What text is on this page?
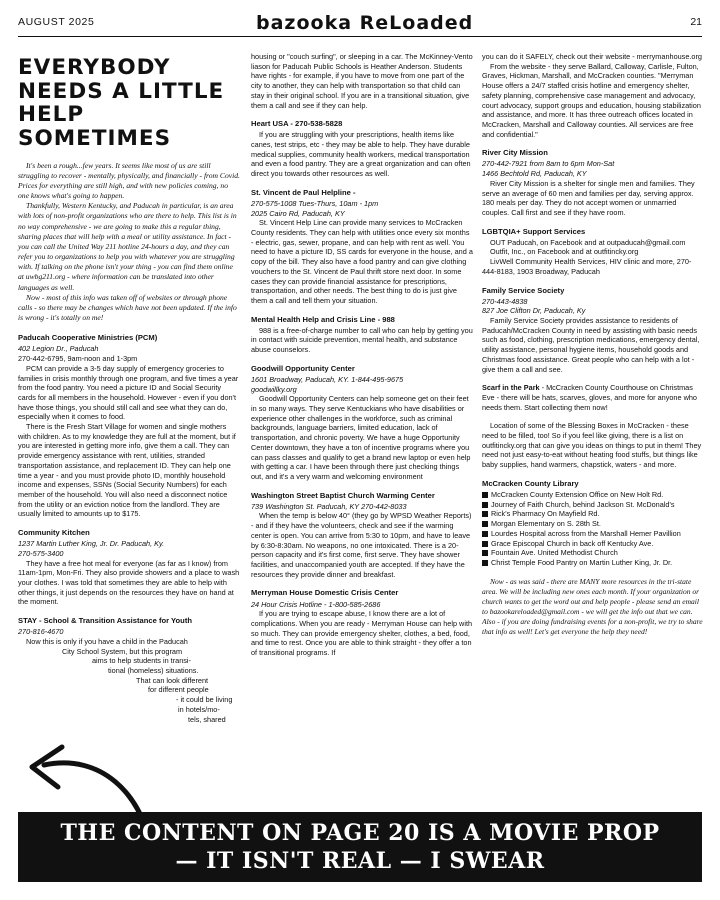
AUGUST 2025	bazooka ReLoaded	21
EVERYBODY
NEEDS A LITTLE
HELP SOMETIMES

It's been a rough...few years. It seems like most of us are still struggling to recover - mentally, physically, and financially - from Covid. Prices for everything are still high, and with new policies coming, no one knows what's going to happen.

Thankfully, Western Kentucky, and Paducah in particular, is an area with lots of non-profit organizations who are there to help. This list is in no way comprehensive - we are going to make this a regular thing, sharing places that will help with a meal or utility assistance. In fact - you can call the United Way 211 hotline 24-hours a day, and they can refer you to organizations to help you with whatever you are struggling with. If talking on the phone isn't your thing - you can find them online at uwbg211.org - where information can be translated into other languages as well.

Now - most of this info was taken off of websites or through phone calls - so there may be changes which have not been updated. If the info is wrong - it's totally on me!

Paducah Cooperative Ministries (PCM)
402 Legion Dr., Paducah
270-442-6795, 9am-noon and 1-3pm

PCM can provide a 3-5 day supply of emergency groceries to families in crisis monthly through one program, and five times a year from the food pantry. You need a picture ID and Social Security cards for all members in the household. However - even if you don't have those things, you should still call and see what they can do, especially when it comes to food.

There is the Fresh Start Village for women and single mothers with children. As to my knowledge they are full at the moment, but if you are interested in getting more info, give them a call. They can provide emergency assistance with rent, utilities, stranded transportation assistance, and replacement ID. They can help one time a year - and you must provide photo ID, monthly household income and expenses, SSNs (Social Security Numbers) for each member of the household. You will also need a disconnect notice from the utility or an eviction notice from the landlord. They are usually limited to amounts up to $175.

Community Kitchen
1237 Martin Luther King, Jr. Dr. Paducah, Ky.
270-575-3400

They have a free hot meal for everyone (as far as I know) from 11am-1pm, Mon-Fri. They also provide showers and a place to wash your clothes. I was told that sometimes they are able to help with other things, it just depends on the resources they have on hand at the moment.

STAY - School & Transition Assistance for Youth
270-816-4670
Now this is only if you have a child in the Paducah
City School System, but this program
aims to help students in transi-
tional (homeless) situations.
That can look different
for different people
- it could be living
in hotels/mo-
tels, shared

housing or "couch surfing", or sleeping in a car. The McKinney-Vento liason for Paducah Public Schools is Heather Anderson. Students have rights - for example, if you have to move from one part of the city to another, they can help with transportation so that child can stay in their original school. If you are in a transitional situation, give them a call and see if they can help.

Heart USA - 270-538-5828

If you are struggling with your prescriptions, health items like canes, test strips, etc - they may be able to help. They have durable medical supplies, community health workers, medical transportation and even a food pantry. They are a great organization and can often direct you towards other resources as well.

St. Vincent de Paul Helpline -
270-575-1008 Tues-Thurs, 10am - 1pm
2025 Cairo Rd, Paducah, KY

St. Vincent Help Line can provide many services to McCracken County residents. They can help with utilities once every six months - electric, gas, sewer, propane, and can help with rent as well. You need to have a picture ID, SS cards for everyone in the house, and a copy of the bill. They also have a food pantry and can give clothing vouchers to the St. Vincent de Paul thrift store next door. In some cases they can provide financial assistance for prescriptions, transportation, and other needs. The best thing to do is just give them a call and tell them your situation.

Mental Health Help and Crisis Line - 988

988 is a free-of-charge number to call who can help by getting you in contact with suicide prevention, mental health, and substance abuse counselors.

Goodwill Opportunity Center
1601 Broadway, Paducah, KY. 1-844-495-9675
goodwillky.org

Goodwill Opportunity Centers can help someone get on their feet in so many ways. They serve Kentuckians who have disabilities or experience other challenges in the workforce, such as criminal backgrounds, language barriers, limited education, lack of transportation, and chronic poverty. We have a huge Opportunity Center downtown, they have a ton of incentive programs where you can pass classes and qualify to get a brand new laptop or even help with getting a car. I have been through there just checking things out, and it's a very warm and welcoming environment

Washington Street Baptist Church Warming Center
739 Washington St. Paducah, KY 270-442-8033

When the temp is below 40° (they go by WPSD Weather Reports) - and if they have the volunteers, check and see if the warming center is open. You can arrive from 5:30 to 10pm, and have to leave by 6:30-8:30am. No weapons, no one intoxicated. There is a 20-person capacity and it's first come, first serve. They have shower facilities, and unaccompanied youth are accepted. If they have the resources they provide dinner and breakfast.

Merryman House Domestic Crisis Center
24 Hour Crisis Hotline - 1-800-585-2686

If you are trying to escape abuse, I know there are a lot of complications. When you are ready - Merryman House can help with so much. They can provide emergency shelter, clothes, a bed, food, and time to rest. Once you are able to think straight - they offer a ton of transitional programs. If

you can do it SAFELY, check out their website - merrymanhouse.org

From the website - they serve Ballard, Calloway, Carlisle, Fulton, Graves, Hickman, Marshall, and McCracken counties. "Merryman House offers a 24/7 staffed crisis hotline and emergency shelter, safety planning, comprehensive case management and advocacy, court advocacy, support groups and education, housing stabilization and assistance, and more. It has three outreach offices located in McCracken, Marshall and Calloway counties. All services are free and confidential."

River City Mission
270-442-7921 from 8am to 6pm Mon-Sat
1466 Bechtold Rd, Paducah, KY

River City Mission is a shelter for single men and families. They serve an average of 60 men and families per day, serving approx. 180 meals per day. They do not accept women or unmarried couples. Call first and see if they have room.

LGBTQIA+ Support Services

OUT Paducah, on Facebook and at outpaducah@gmail.com

Outfit, Inc., on Facebook and at outfitincky.org

LivWell Community Health Services, HIV clinic and more, 270-444-8183, 1903 Broadway, Paducah

Family Service Society
270-443-4838
827 Joe Clifton Dr, Paducah, Ky

Family Service Society provides assistance to residents of Paducah/McCracken County in need by assisting with basic needs such as food, clothing, prescription medications, emergency dental, utility assistance, personal hygiene items, household goods and Christmas food assistance. Great people who can help with a lot - give them a call and see.

Scarf in the Park - McCracken County Courthouse on Christmas Eve - there will be hats, scarves, gloves, and more for anyone who needs them. Start collecting them now!

Location of some of the Blessing Boxes in McCracken - these need to be filled, too! So if you feel like giving, there is a list on outfitincky.org that can give you ideas on things to put in them! They need not just easy-to-eat without heating food stuffs, but things like baby supplies, hand warmers, chapstick, waters - and more.

McCracken County Library
McCracken County Extension Office on New Holt Rd.
Journey of Faith Church, behind Jackson St. McDonald's
Rick's Pharmacy On Mayfield Rd.
Morgan Elementary on S. 28th St.
Lourdes Hospital across from the Marshall Hemer Pavillion
Grace Episcopal Church in back off Kentucky Ave.
Fountain Ave. United Methodist Church
Christ Temple Food Pantry on Martin Luther King, Jr. Dr.
Now - as was said - there are MANY more resources in the tri-state area. We will be including new ones each month. If your organization or church wants to get the word out and help people - please send an email to bazookareloaded@gmail.com - we will get the info out that we can. Also - if you are doing fundraising events for a non-profit, we try to share that info as well! Let's get everyone the help they need!
THE CONTENT ON PAGE 20 IS A MOVIE PROP
— IT ISN'T REAL — I SWEAR
